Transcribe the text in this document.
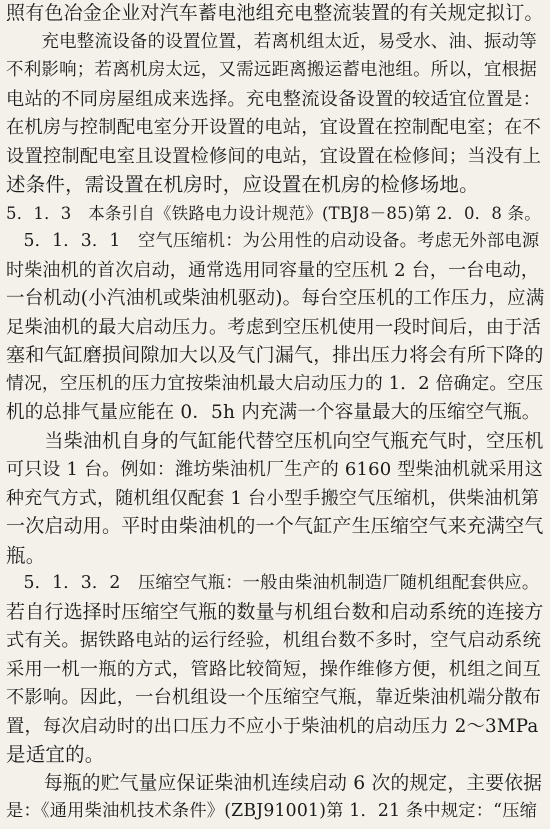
照有色冶金企业对汽车蓄电池组充电整流装置的有关规定拟订。
　　充电整流设备的设置位置，若离机组太近，易受水、油、振动等
不利影响；若离机房太远，又需远距离搬运蓄电池组。所以，宜根据
电站的不同房屋组成来选择。充电整流设备设置的较适宜位置是：
在机房与控制配电室分开设置的电站，宜设置在控制配电室；在不
设置控制配电室且设置检修间的电站，宜设置在检修间；当没有上
述条件，需设置在机房时，应设置在机房的检修场地。
5．1．3　本条引自《铁路电力设计规范》(TBJ8－85)第 2．0．8 条。
　5．1．3．1　空气压缩机：为公用性的启动设备。考虑无外部电源
时柴油机的首次启动，通常选用同容量的空压机 2 台，一台电动，
一台机动(小汽油机或柴油机驱动)。每台空压机的工作压力，应满
足柴油机的最大启动压力。考虑到空压机使用一段时间后，由于活
塞和气缸磨损间隙加大以及气门漏气，排出压力将会有所下降的
情况，空压机的压力宜按柴油机最大启动压力的 1．2 倍确定。空压
机的总排气量应能在 0．5h 内充满一个容量最大的压缩空气瓶。
　　当柴油机自身的气缸能代替空压机向空气瓶充气时，空压机
可只设 1 台。例如：潍坊柴油机厂生产的 6160 型柴油机就采用这
种充气方式，随机组仅配套 1 台小型手搬空气压缩机，供柴油机第
一次启动用。平时由柴油机的一个气缸产生压缩空气来充满空气
瓶。
　5．1．3．2　压缩空气瓶：一般由柴油机制造厂随机组配套供应。
若自行选择时压缩空气瓶的数量与机组台数和启动系统的连接方
式有关。据铁路电站的运行经验，机组台数不多时，空气启动系统
采用一机一瓶的方式，管路比较简短，操作维修方便，机组之间互
不影响。因此，一台机组设一个压缩空气瓶，靠近柴油机端分散布
置，每次启动时的出口压力不应小于柴油机的启动压力 2～3MPa
是适宜的。
　　每瓶的贮气量应保证柴油机连续启动 6 次的规定，主要依据
是：《通用柴油机技术条件》(ZBJ91001)第 1．21 条中规定：“压缩
